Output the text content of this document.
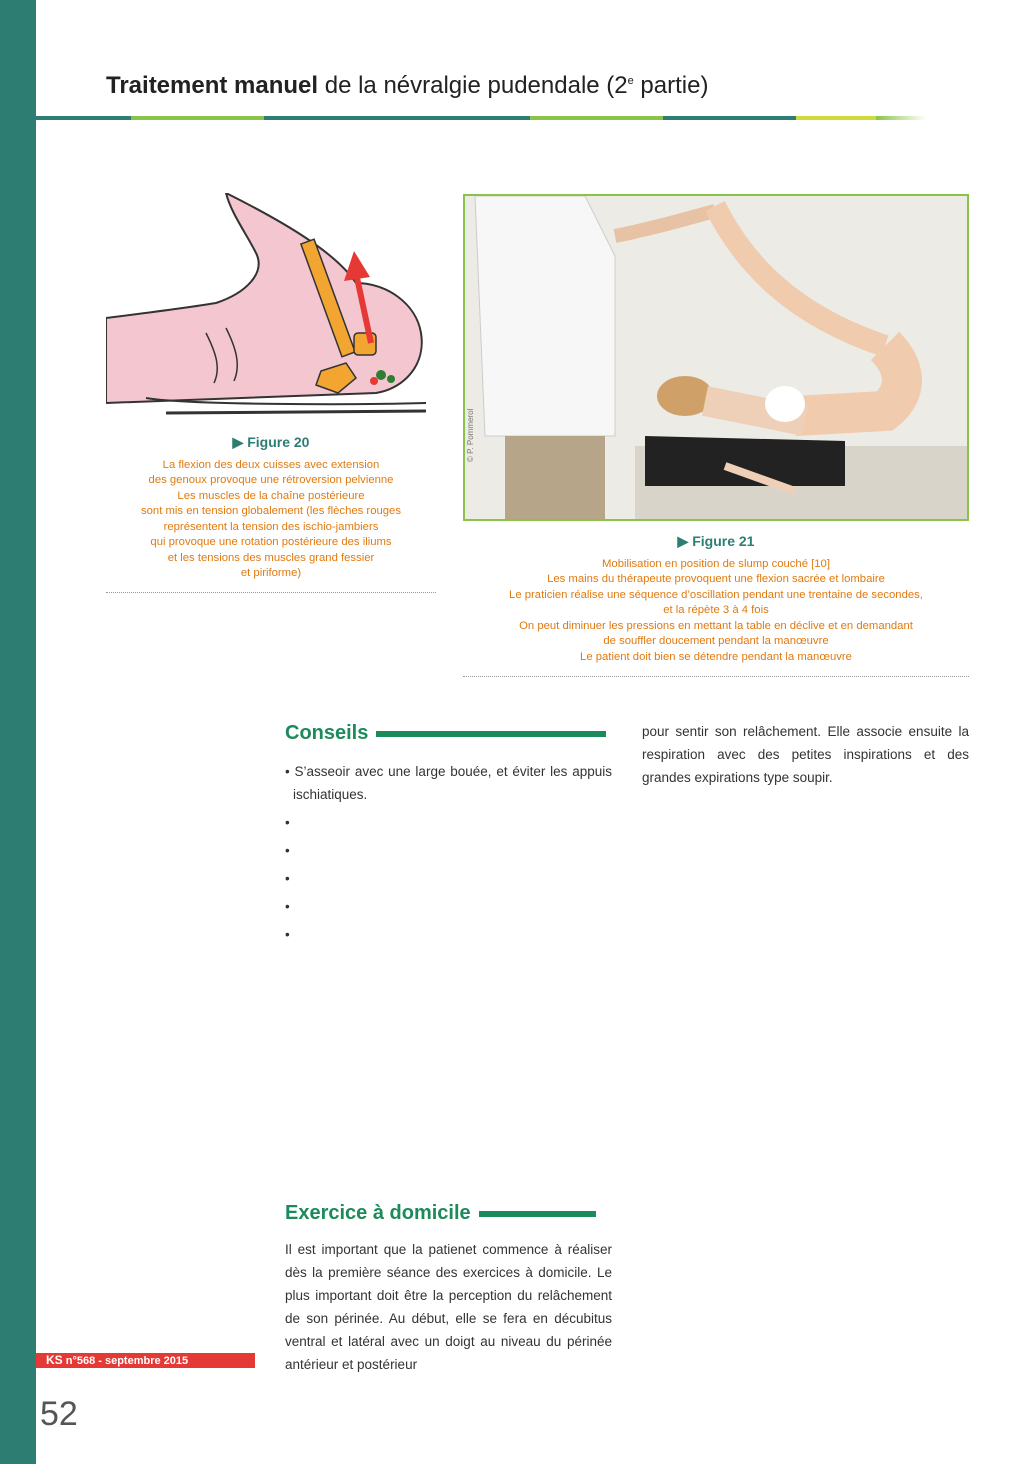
Traitement manuel de la névralgie pudendale (2e partie)
▶ Figure 20
La flexion des deux cuisses avec extension
des genoux provoque une rétroversion pelvienne
Les muscles de la chaîne postérieure
sont mis en tension globalement (les flèches rouges
représentent la tension des ischio-jambiers
qui provoque une rotation postérieure des iliums
et les tensions des muscles grand fessier
et piriforme)
© P. Pommerol
▶ Figure 21
Mobilisation en position de slump couché [10]
Les mains du thérapeute provoquent une flexion sacrée et lombaire
Le praticien réalise une séquence d’oscillation pendant une trentaine de secondes,
et la répète 3 à 4 fois
On peut diminuer les pressions en mettant la table en déclive et en demandant
de souffler doucement pendant la manœuvre
Le patient doit bien se détendre pendant la manœuvre
Conseils
• S’asseoir avec une large bouée, et éviter les appuis ischiatiques.
•
•
•
•
•
Exercice à domicile

Il est important que la patienet commence à réaliser dès la première séance des exercices à domicile. Le plus important doit être la perception du relâchement de son périnée. Au début, elle se fera en décubitus ventral et latéral avec un doigt au niveau du périnée antérieur et postérieur

pour sentir son relâchement. Elle associe ensuite la respiration avec des petites inspirations et des grandes expirations type soupir.

KS n°568 - septembre 2015
52
